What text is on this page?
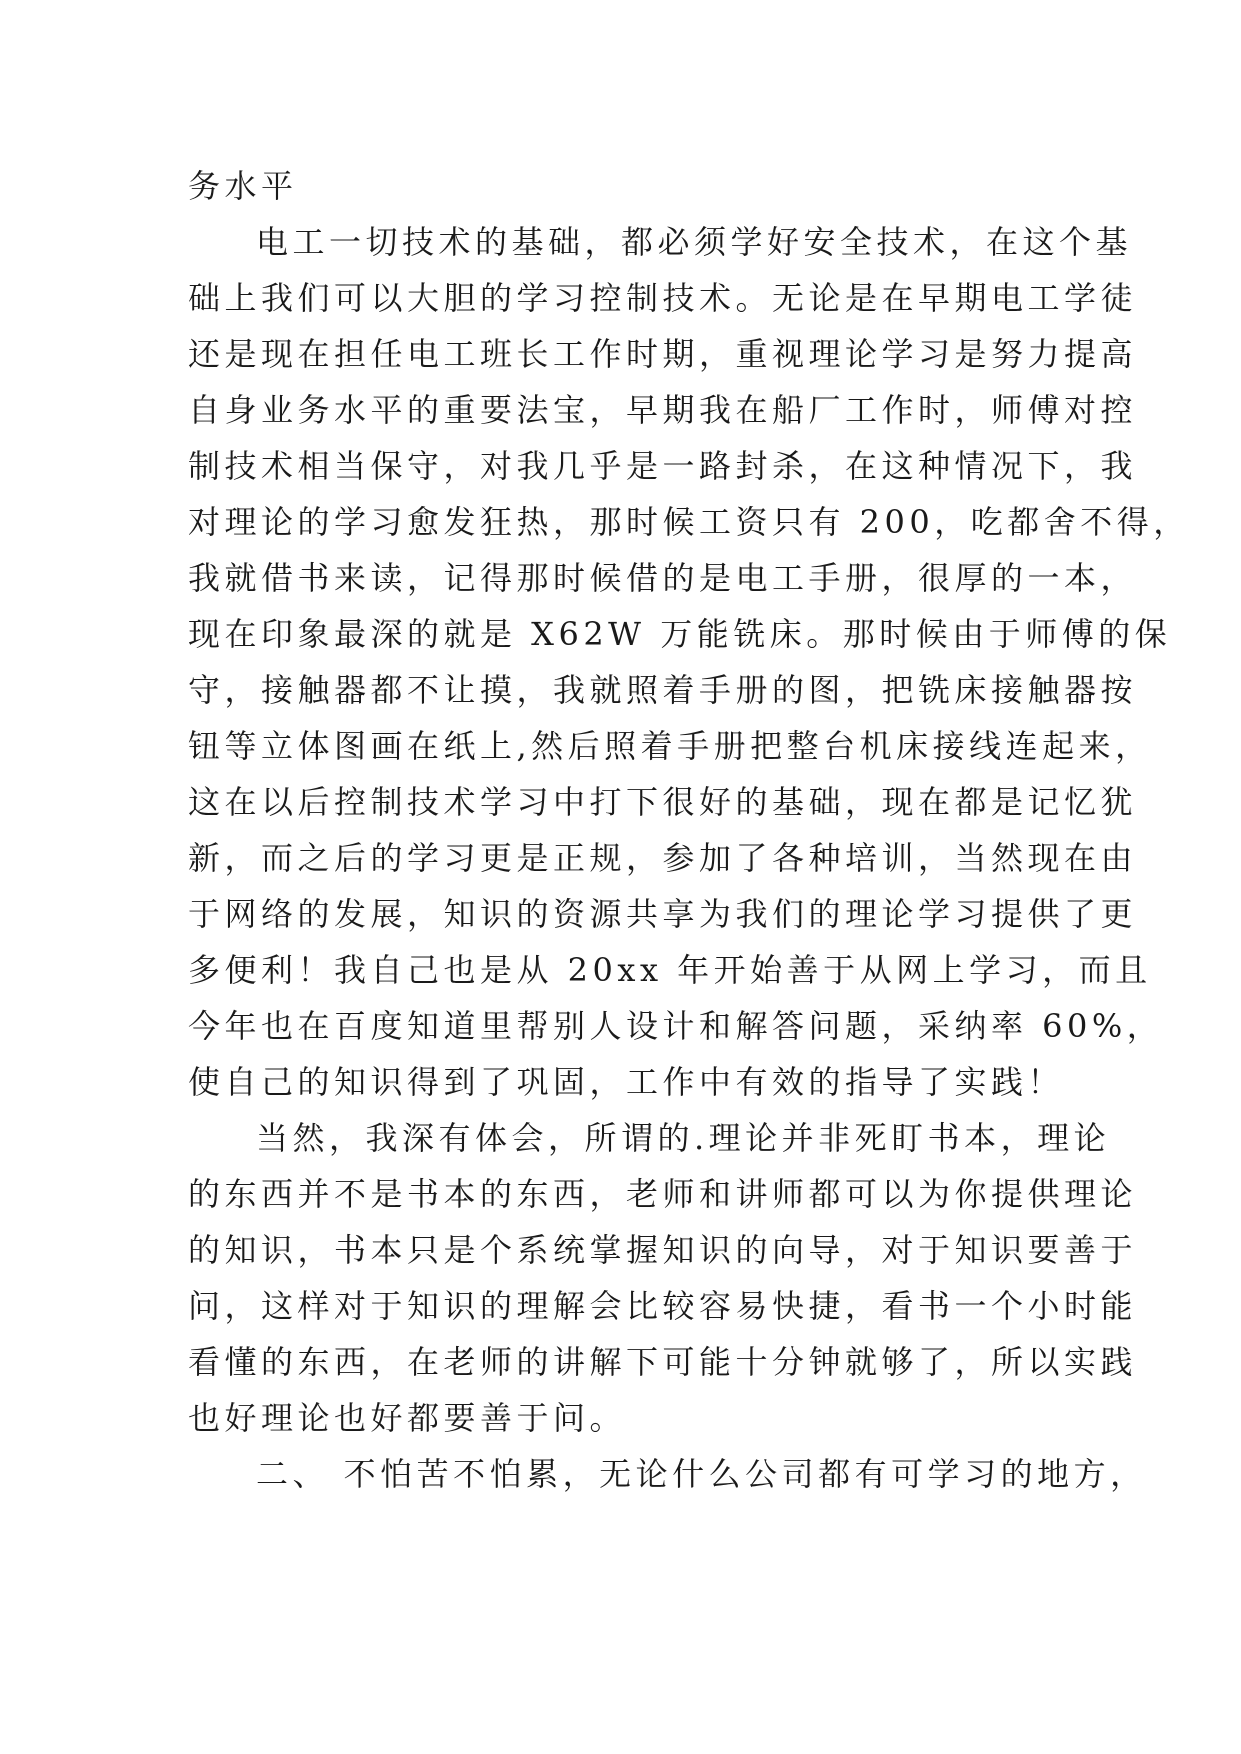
务水平
电工一切技术的基础，都必须学好安全技术，在这个基
础上我们可以大胆的学习控制技术。无论是在早期电工学徒
还是现在担任电工班长工作时期，重视理论学习是努力提高
自身业务水平的重要法宝，早期我在船厂工作时，师傅对控
制技术相当保守，对我几乎是一路封杀，在这种情况下，我
对理论的学习愈发狂热，那时候工资只有 200，吃都舍不得，
我就借书来读，记得那时候借的是电工手册，很厚的一本，
现在印象最深的就是 X62W 万能铣床。那时候由于师傅的保
守，接触器都不让摸，我就照着手册的图，把铣床接触器按
钮等立体图画在纸上,然后照着手册把整台机床接线连起来，
这在以后控制技术学习中打下很好的基础，现在都是记忆犹
新，而之后的学习更是正规，参加了各种培训，当然现在由
于网络的发展，知识的资源共享为我们的理论学习提供了更
多便利！我自己也是从 20xx 年开始善于从网上学习，而且
今年也在百度知道里帮别人设计和解答问题，采纳率 60%，
使自己的知识得到了巩固，工作中有效的指导了实践！
当然，我深有体会，所谓的.理论并非死盯书本，理论
的东西并不是书本的东西，老师和讲师都可以为你提供理论
的知识，书本只是个系统掌握知识的向导，对于知识要善于
问，这样对于知识的理解会比较容易快捷，看书一个小时能
看懂的东西，在老师的讲解下可能十分钟就够了，所以实践
也好理论也好都要善于问。
二、 不怕苦不怕累，无论什么公司都有可学习的地方，
